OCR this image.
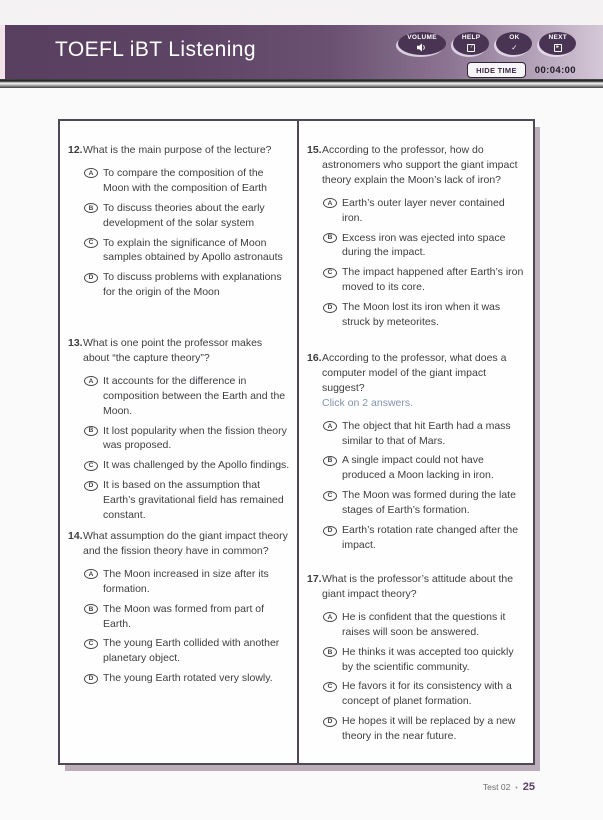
TOEFL iBT Listening
VOLUME	HELP
?
OK
✓
NEXT
▸
HIDE TIME	00:04:00
12. What is the main purpose of the lecture?
A To compare the composition of the Moon with the composition of Earth
B To discuss theories about the early development of the solar system
C To explain the significance of Moon samples obtained by Apollo astronauts
D To discuss problems with explanations for the origin of the Moon
13. What is one point the professor makes about “the capture theory”?
A It accounts for the difference in composition between the Earth and the Moon.
B It lost popularity when the fission theory was proposed.
C It was challenged by the Apollo findings.
D It is based on the assumption that Earth’s gravitational field has remained constant.
14. What assumption do the giant impact theory and the fission theory have in common?
A The Moon increased in size after its formation.
B The Moon was formed from part of Earth.
C The young Earth collided with another planetary object.
D The young Earth rotated very slowly.
15. According to the professor, how do astronomers who support the giant impact theory explain the Moon’s lack of iron?
A Earth’s outer layer never contained iron.
B Excess iron was ejected into space during the impact.
C The impact happened after Earth’s iron moved to its core.
D The Moon lost its iron when it was struck by meteorites.
16. According to the professor, what does a computer model of the giant impact suggest?
Click on 2 answers.
A The object that hit Earth had a mass similar to that of Mars.
B A single impact could not have produced a Moon lacking in iron.
C The Moon was formed during the late stages of Earth’s formation.
D Earth’s rotation rate changed after the impact.
17. What is the professor’s attitude about the giant impact theory?
A He is confident that the questions it raises will soon be answered.
B He thinks it was accepted too quickly by the scientific community.
C He favors it for its consistency with a concept of planet formation.
D He hopes it will be replaced by a new theory in the near future.
Test 02 • 25
